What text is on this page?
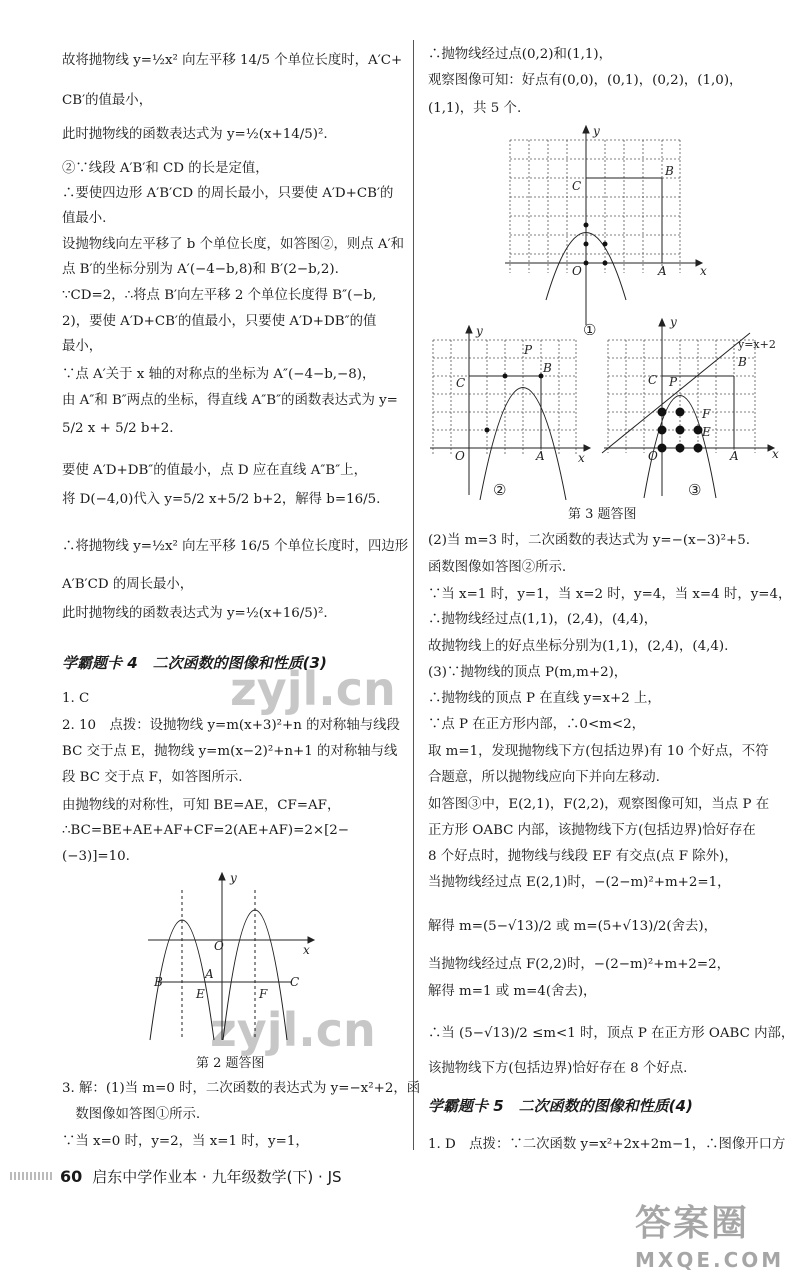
学霸题卡 4　二次函数的图像和性质(3)
O
y
x
B
A
C
E	F
第 2 题答图
y
O	x
C
B
A
①
y
O	x
C
B
A
P
②
y
O	x
C
B
A
P
F
E
y=x+2
③
第 3 题答图
学霸题卡 5　二次函数的图像和性质(4)
zyjl.cn
zyjl.cn
60 启东中学作业本 · 九年级数学(下) · JS
答案圈
MXQE.COM
故将抛物线 y=½x² 向左平移 14/5 个单位长度时，A′C+
CB′的值最小，
此时抛物线的函数表达式为 y=½(x+14/5)².
②∵线段 A′B′和 CD 的长是定值，
∴要使四边形 A′B′CD 的周长最小，只要使 A′D+CB′的
值最小.
设抛物线向左平移了 b 个单位长度，如答图②，则点 A′和
点 B′的坐标分别为 A′(−4−b,8)和 B′(2−b,2).
∵CD=2，∴将点 B′向左平移 2 个单位长度得 B″(−b,
2)，要使 A′D+CB′的值最小，只要使 A′D+DB″的值
最小，
∵点 A′关于 x 轴的对称点的坐标为 A″(−4−b,−8)，
由 A″和 B″两点的坐标，得直线 A″B″的函数表达式为 y=
5/2 x + 5/2 b+2.
要使 A′D+DB″的值最小，点 D 应在直线 A″B″上，
将 D(−4,0)代入 y=5/2 x+5/2 b+2，解得 b=16/5.
∴将抛物线 y=½x² 向左平移 16/5 个单位长度时，四边形
A′B′CD 的周长最小，
此时抛物线的函数表达式为 y=½(x+16/5)².
1. C
2. 10　点拨：设抛物线 y=m(x+3)²+n 的对称轴与线段
BC 交于点 E，抛物线 y=m(x−2)²+n+1 的对称轴与线
段 BC 交于点 F，如答图所示.
由抛物线的对称性，可知 BE=AE，CF=AF，
∴BC=BE+AE+AF+CF=2(AE+AF)=2×[2−
(−3)]=10.
3. 解：(1)当 m=0 时，二次函数的表达式为 y=−x²+2，函
　数图像如答图①所示.
∵当 x=0 时，y=2，当 x=1 时，y=1，
∴抛物线经过点(0,2)和(1,1)，
观察图像可知：好点有(0,0)，(0,1)，(0,2)，(1,0)，
(1,1)，共 5 个.
(2)当 m=3 时，二次函数的表达式为 y=−(x−3)²+5.
函数图像如答图②所示.
∵当 x=1 时，y=1，当 x=2 时，y=4，当 x=4 时，y=4，
∴抛物线经过点(1,1)，(2,4)，(4,4)，
故抛物线上的好点坐标分别为(1,1)，(2,4)，(4,4).
(3)∵抛物线的顶点 P(m,m+2)，
∴抛物线的顶点 P 在直线 y=x+2 上，
∵点 P 在正方形内部，∴0<m<2，
取 m=1，发现抛物线下方(包括边界)有 10 个好点，不符
合题意，所以抛物线应向下并向左移动.
如答图③中，E(2,1)，F(2,2)，观察图像可知，当点 P 在
正方形 OABC 内部，该抛物线下方(包括边界)恰好存在
8 个好点时，抛物线与线段 EF 有交点(点 F 除外)，
当抛物线经过点 E(2,1)时，−(2−m)²+m+2=1，
解得 m=(5−√13)/2 或 m=(5+√13)/2(舍去)，
当抛物线经过点 F(2,2)时，−(2−m)²+m+2=2，
解得 m=1 或 m=4(舍去)，
∴当 (5−√13)/2 ≤m<1 时，顶点 P 在正方形 OABC 内部，
该抛物线下方(包括边界)恰好存在 8 个好点.
1. D　点拨：∵二次函数 y=x²+2x+2m−1，∴图像开口方
